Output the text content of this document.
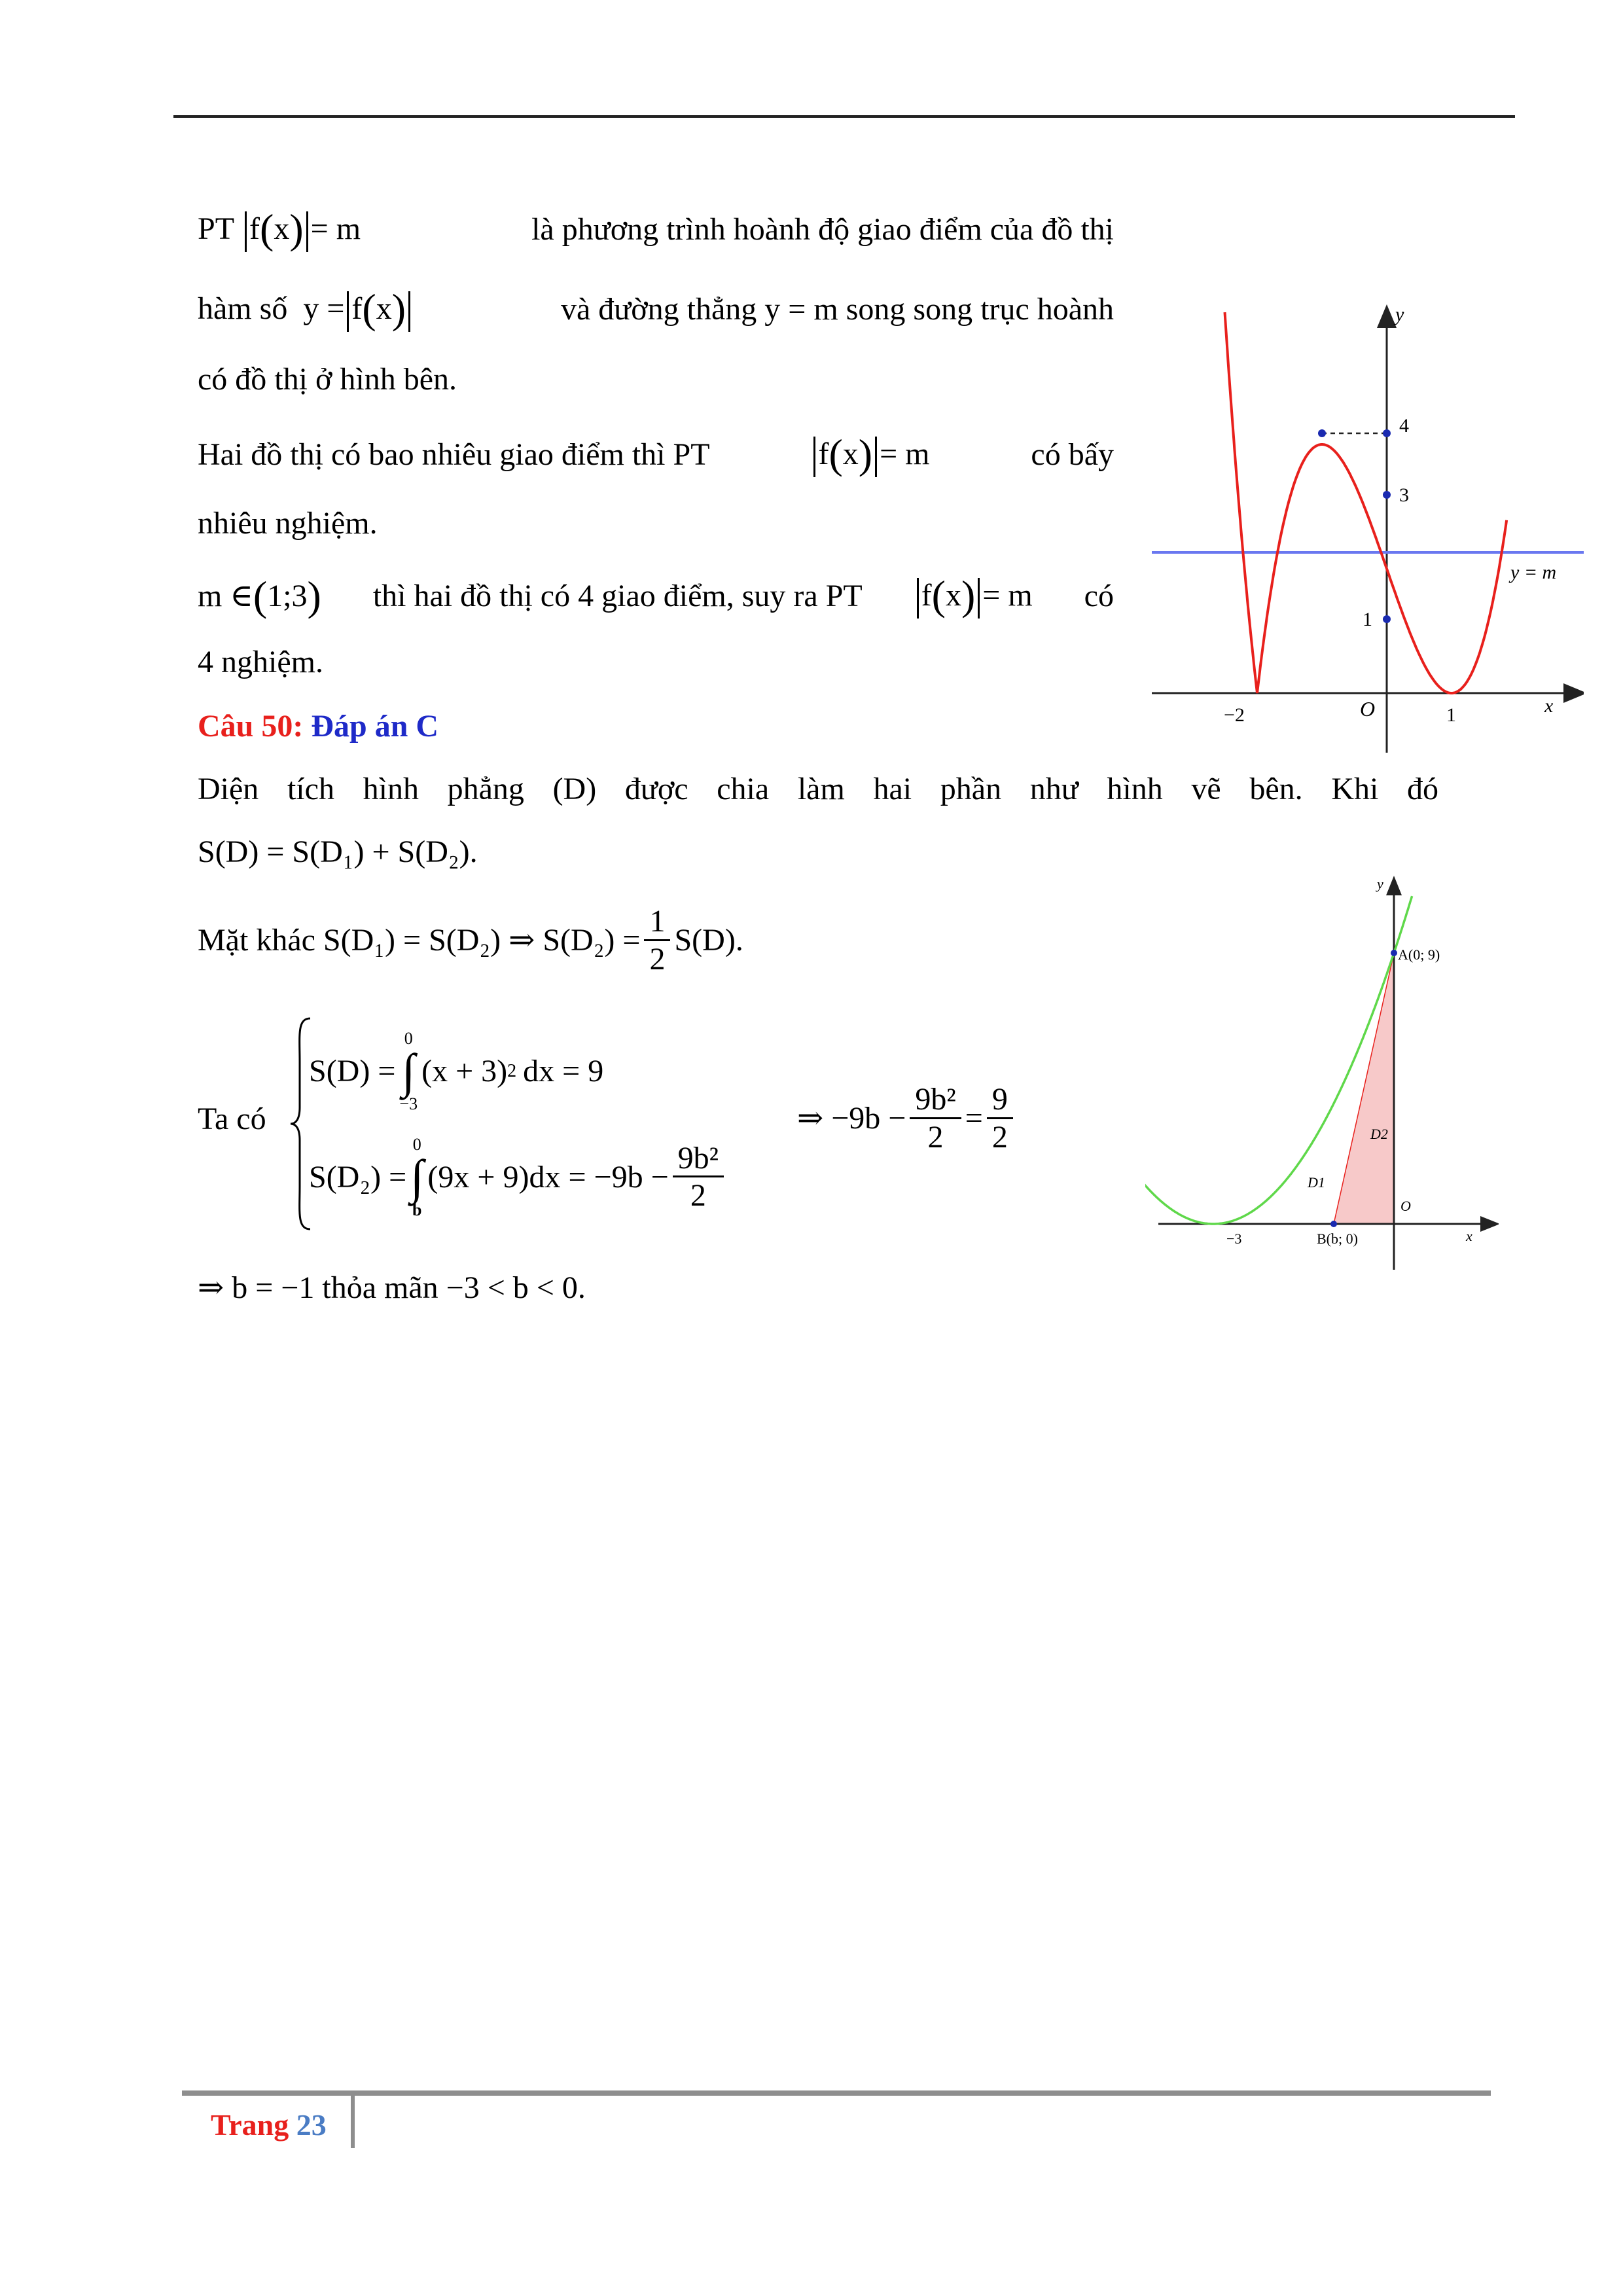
PT f(x) = m	là phương trình hoành độ giao điểm của đồ thị
hàm số y = f(x)	và đường thẳng y = m song song trục hoành
có đồ thị ở hình bên.
Hai đồ thị có bao nhiêu giao điểm thì PT	f(x) = m	có bấy
nhiêu nghiệm.
m ∈(1;3) thì hai đồ thị có 4 giao điểm, suy ra PT f(x) = m có
4 nghiệm.
y
x
O
−2	1
1
3
4
y = m
Câu 50: Đáp án C
Diện tích hình phẳng (D) được chia làm hai phần như hình vẽ bên. Khi đó
S(D) = S(D₁) + S(D₂).
Mặt khác S(D₁) = S(D₂) ⇒ $S(D_2) = \frac{1}{2} S(D)$.
Ta có
S(D) =
0
∫
−3
(x + 3) 2 dx = 9
S(D₂) =
0
∫
b
$(9x + 9)dx = -9b - \frac{\text{9b²}}{2}$
⇒ $-9b - \frac{\text{9b²}}{2} = \frac{9}{2}$
⇒ b = −1 thỏa mãn −3 < b < 0.
y
x
O
A(0; 9)
B(b; 0)
−3
D1
D2
Trang 23
